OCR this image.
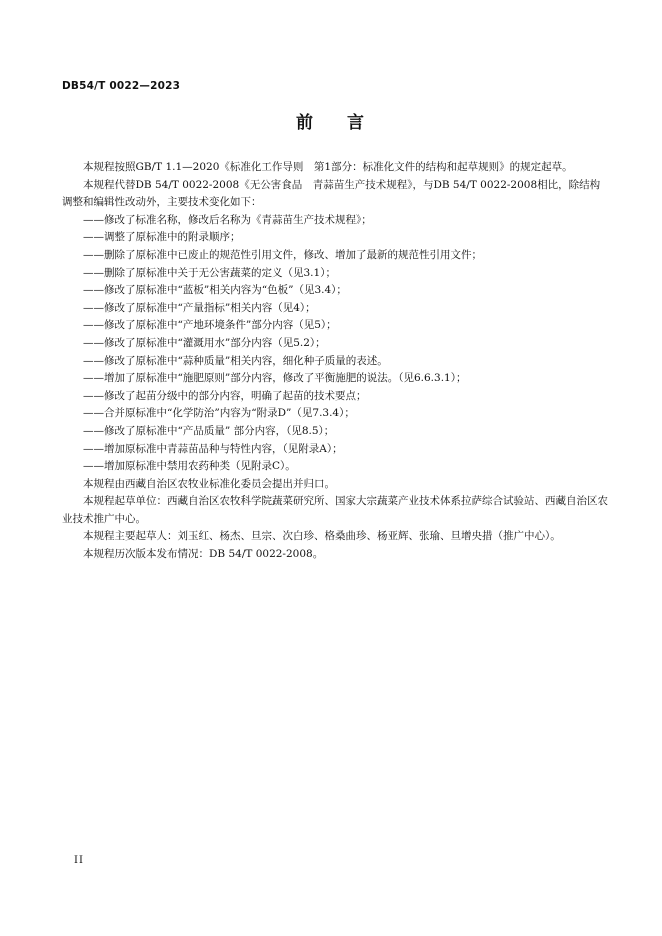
DB54/T 0022—2023
前 言

本规程按照GB/T 1.1—2020《标准化工作导则　第1部分：标准化文件的结构和起草规则》的规定起草。

本规程代替DB 54/T 0022-2008《无公害食品　青蒜苗生产技术规程》，与DB 54/T 0022-2008相比，除结构调整和编辑性改动外，主要技术变化如下：

——修改了标准名称，修改后名称为《青蒜苗生产技术规程》；

——调整了原标准中的附录顺序；

——删除了原标准中已废止的规范性引用文件，修改、增加了最新的规范性引用文件；

——删除了原标准中关于无公害蔬菜的定义（见3.1）；

——修改了原标准中“蓝板”相关内容为“色板”（见3.4）；

——修改了原标准中“产量指标”相关内容（见4）；

——修改了原标准中“产地环境条件”部分内容（见5）；

——修改了原标准中“灌溉用水”部分内容（见5.2）；

——修改了原标准中“蒜种质量”相关内容，细化种子质量的表述。

——增加了原标准中“施肥原则”部分内容，修改了平衡施肥的说法。（见6.6.3.1）；

——修改了起苗分级中的部分内容，明确了起苗的技术要点；

——合并原标准中“化学防治”内容为“附录D”（见7.3.4）；

——修改了原标准中“产品质量” 部分内容，（见8.5）；

——增加原标准中青蒜苗品种与特性内容，（见附录A）；

——增加原标准中禁用农药种类（见附录C）。

本规程由西藏自治区农牧业标准化委员会提出并归口。

本规程起草单位：西藏自治区农牧科学院蔬菜研究所、国家大宗蔬菜产业技术体系拉萨综合试验站、西藏自治区农业技术推广中心。

本规程主要起草人：刘玉红、杨杰、旦宗、次白珍、格桑曲珍、杨亚辉、张瑜、旦增央措（推广中心）。

本规程历次版本发布情况：DB 54/T 0022-2008。

II
